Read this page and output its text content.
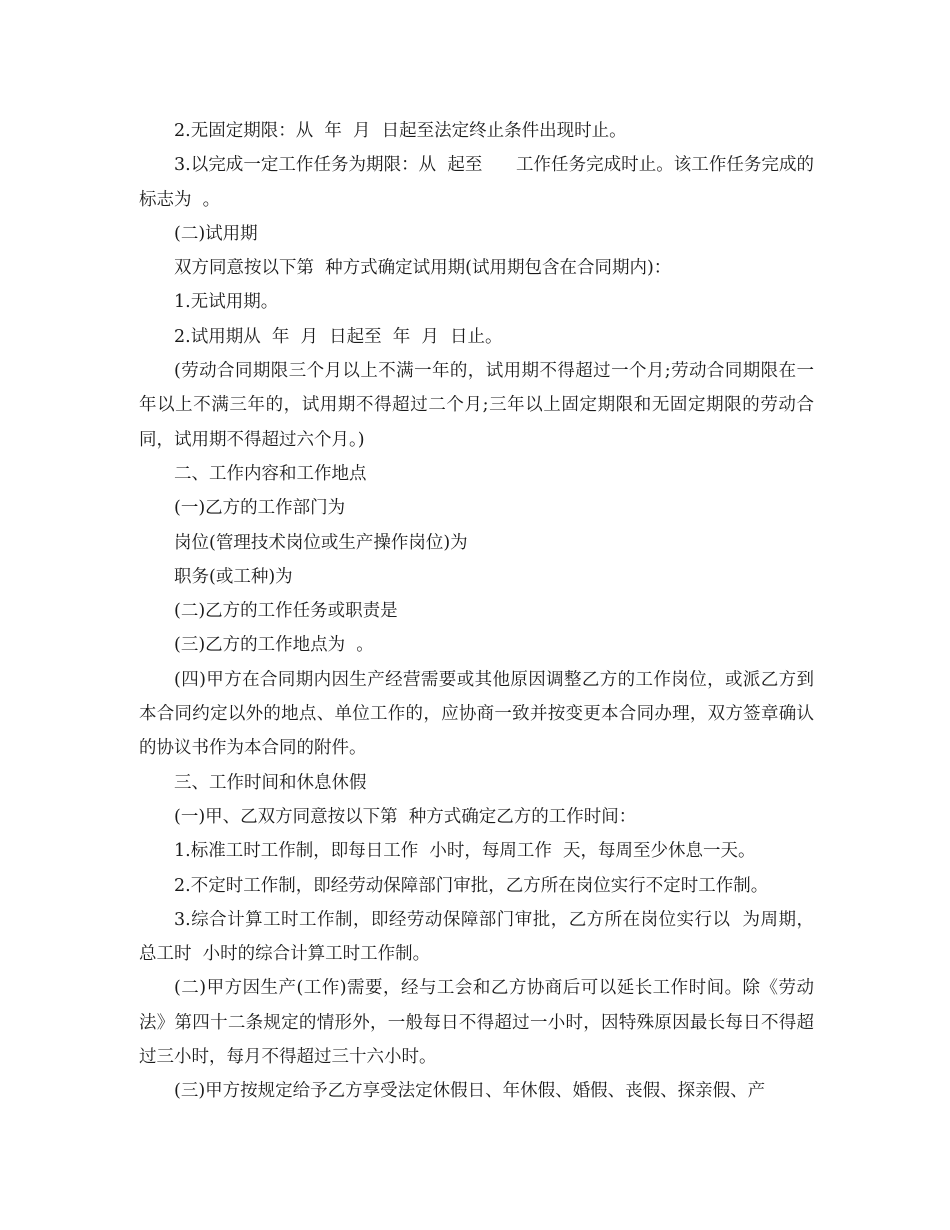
2.无固定期限：从  年  月  日起至法定终止条件出现时止。

3.以完成一定工作任务为期限：从  起至      工作任务完成时止。该工作任务完成的标志为  。

(二)试用期

双方同意按以下第  种方式确定试用期(试用期包含在合同期内)：

1.无试用期。

2.试用期从  年  月  日起至  年  月  日止。

(劳动合同期限三个月以上不满一年的，试用期不得超过一个月;劳动合同期限在一年以上不满三年的，试用期不得超过二个月;三年以上固定期限和无固定期限的劳动合同，试用期不得超过六个月。)

二、工作内容和工作地点

(一)乙方的工作部门为

岗位(管理技术岗位或生产操作岗位)为

职务(或工种)为

(二)乙方的工作任务或职责是

(三)乙方的工作地点为  。

(四)甲方在合同期内因生产经营需要或其他原因调整乙方的工作岗位，或派乙方到本合同约定以外的地点、单位工作的，应协商一致并按变更本合同办理，双方签章确认的协议书作为本合同的附件。

三、工作时间和休息休假

(一)甲、乙双方同意按以下第  种方式确定乙方的工作时间：

1.标准工时工作制，即每日工作  小时，每周工作  天，每周至少休息一天。

2.不定时工作制，即经劳动保障部门审批，乙方所在岗位实行不定时工作制。

3.综合计算工时工作制，即经劳动保障部门审批，乙方所在岗位实行以  为周期，总工时  小时的综合计算工时工作制。

(二)甲方因生产(工作)需要，经与工会和乙方协商后可以延长工作时间。除《劳动法》第四十二条规定的情形外，一般每日不得超过一小时，因特殊原因最长每日不得超过三小时，每月不得超过三十六小时。

(三)甲方按规定给予乙方享受法定休假日、年休假、婚假、丧假、探亲假、产
